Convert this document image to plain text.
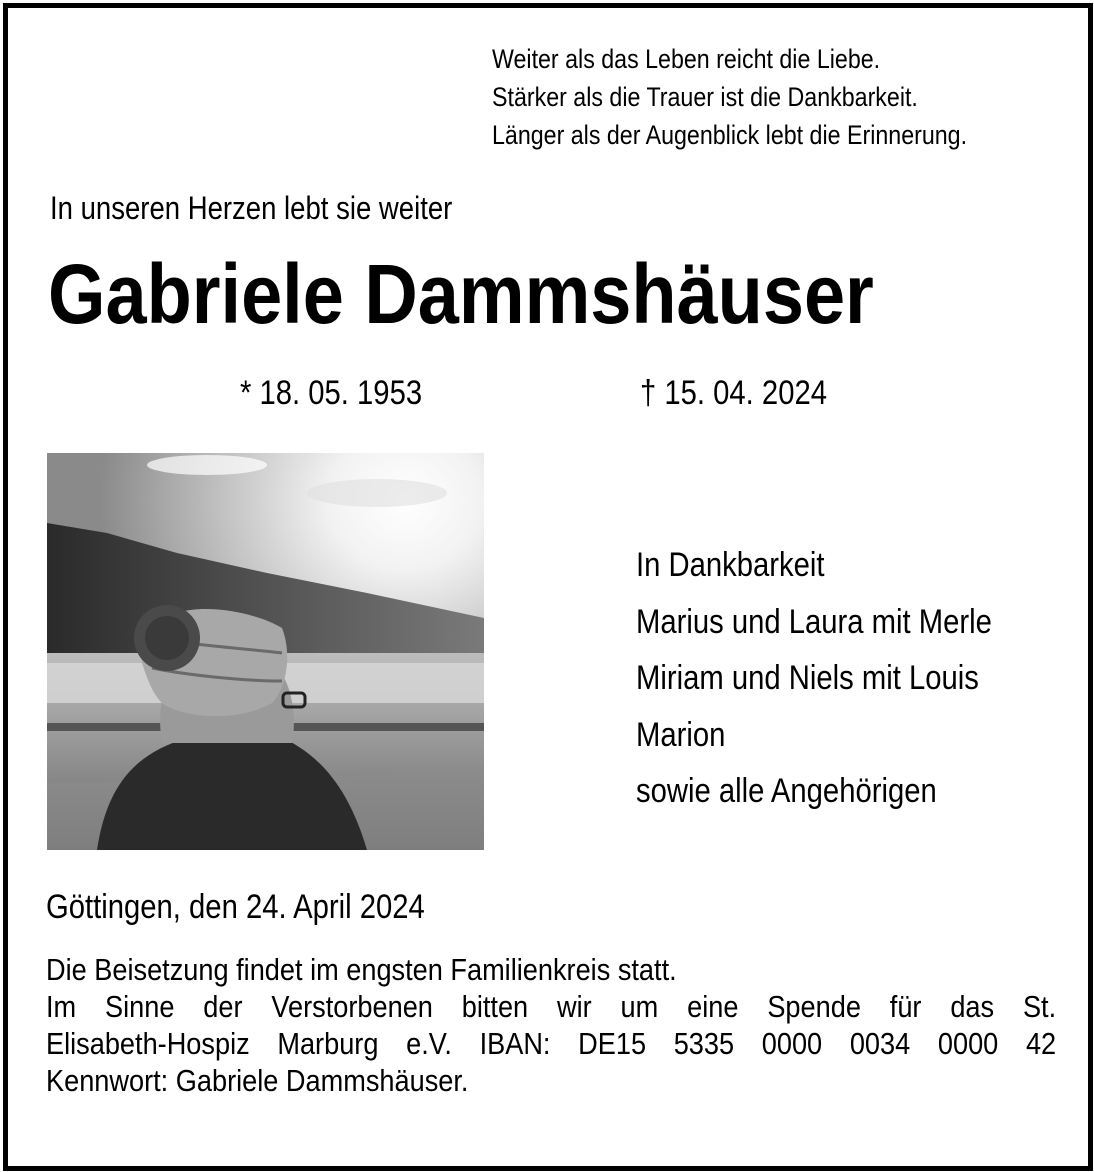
Weiter als das Leben reicht die Liebe.
Stärker als die Trauer ist die Dankbarkeit.
Länger als der Augenblick lebt die Erinnerung.
In unseren Herzen lebt sie weiter
Gabriele Dammshäuser
* 18. 05. 1953	† 15. 04. 2024
In Dankbarkeit
Marius und Laura mit Merle
Miriam und Niels mit Louis
Marion
sowie alle Angehörigen
Göttingen, den 24. April 2024
Die Beisetzung findet im engsten Familienkreis statt.
Im Sinne der Verstorbenen bitten wir um eine Spende für das St.
Elisabeth-Hospiz Marburg e.V. IBAN: DE15 5335 0000 0034 0000 42
Kennwort: Gabriele Dammshäuser.
